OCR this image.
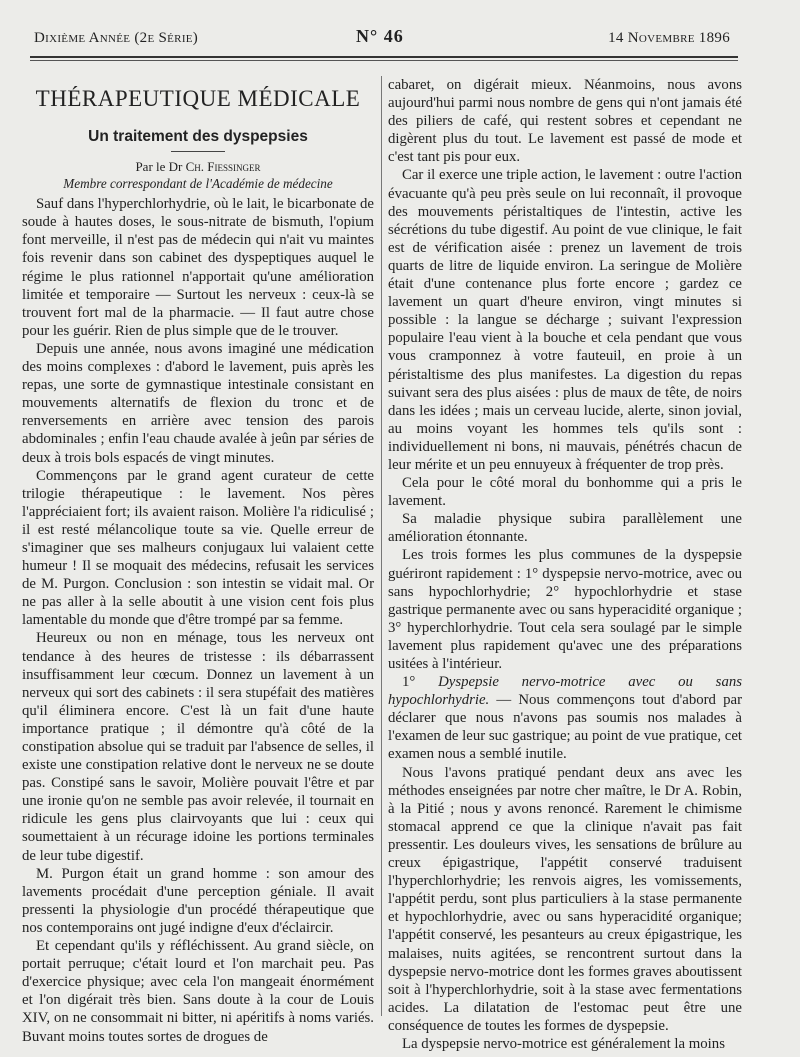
Dixième Année (2e Série)	N° 46	14 Novembre 1896
THÉRAPEUTIQUE MÉDICALE
Un traitement des dyspepsies

Par le Dr Ch. Fiessinger

Membre correspondant de l'Académie de médecine

Sauf dans l'hyperchlorhydrie, où le lait, le bicarbonate de soude à hautes doses, le sous-nitrate de bismuth, l'opium font merveille, il n'est pas de médecin qui n'ait vu maintes fois revenir dans son cabinet des dyspeptiques auquel le régime le plus rationnel n'apportait qu'une amélioration limitée et temporaire — Surtout les nerveux : ceux-là se trouvent fort mal de la pharmacie. — Il faut autre chose pour les guérir. Rien de plus simple que de le trouver.

Depuis une année, nous avons imaginé une médication des moins complexes : d'abord le lavement, puis après les repas, une sorte de gymnastique intestinale consistant en mouvements alternatifs de flexion du tronc et de renversements en arrière avec tension des parois abdominales ; enfin l'eau chaude avalée à jeûn par séries de deux à trois bols espacés de vingt minutes.

Commençons par le grand agent curateur de cette trilogie thérapeutique : le lavement. Nos pères l'appréciaient fort; ils avaient raison. Molière l'a ridiculisé ; il est resté mélancolique toute sa vie. Quelle erreur de s'imaginer que ses malheurs conjugaux lui valaient cette humeur ! Il se moquait des médecins, refusait les services de M. Purgon. Conclusion : son intestin se vidait mal. Or ne pas aller à la selle aboutit à une vision cent fois plus lamentable du monde que d'être trompé par sa femme.

Heureux ou non en ménage, tous les nerveux ont tendance à des heures de tristesse : ils débarrassent insuffisamment leur cœcum. Donnez un lavement à un nerveux qui sort des cabinets : il sera stupéfait des matières qu'il éliminera encore. C'est là un fait d'une haute importance pratique ; il démontre qu'à côté de la constipation absolue qui se traduit par l'absence de selles, il existe une constipation relative dont le nerveux ne se doute pas. Constipé sans le savoir, Molière pouvait l'être et par une ironie qu'on ne semble pas avoir relevée, il tournait en ridicule les gens plus clairvoyants que lui : ceux qui soumettaient à un récurage idoine les portions terminales de leur tube digestif.

M. Purgon était un grand homme : son amour des lavements procédait d'une perception géniale. Il avait pressenti la physiologie d'un procédé thérapeutique que nos contemporains ont jugé indigne d'eux d'éclaircir.

Et cependant qu'ils y réfléchissent. Au grand siècle, on portait perruque; c'était lourd et l'on marchait peu. Pas d'exercice physique; avec cela l'on mangeait énormément et l'on digérait très bien. Sans doute à la cour de Louis XIV, on ne consommait ni bitter, ni apéritifs à noms variés. Buvant moins toutes sortes de drogues de

cabaret, on digérait mieux. Néanmoins, nous avons aujourd'hui parmi nous nombre de gens qui n'ont jamais été des piliers de café, qui restent sobres et cependant ne digèrent plus du tout. Le lavement est passé de mode et c'est tant pis pour eux.

Car il exerce une triple action, le lavement : outre l'action évacuante qu'à peu près seule on lui reconnaît, il provoque des mouvements péristaltiques de l'intestin, active les sécrétions du tube digestif. Au point de vue clinique, le fait est de vérification aisée : prenez un lavement de trois quarts de litre de liquide environ. La seringue de Molière était d'une contenance plus forte encore ; gardez ce lavement un quart d'heure environ, vingt minutes si possible : la langue se décharge ; suivant l'expression populaire l'eau vient à la bouche et cela pendant que vous vous cramponnez à votre fauteuil, en proie à un péristaltisme des plus manifestes. La digestion du repas suivant sera des plus aisées : plus de maux de tête, de noirs dans les idées ; mais un cerveau lucide, alerte, sinon jovial, au moins voyant les hommes tels qu'ils sont : individuellement ni bons, ni mauvais, pénétrés chacun de leur mérite et un peu ennuyeux à fréquenter de trop près.

Cela pour le côté moral du bonhomme qui a pris le lavement.

Sa maladie physique subira parallèlement une amélioration étonnante.

Les trois formes les plus communes de la dyspepsie guériront rapidement : 1° dyspepsie nervo-motrice, avec ou sans hypochlorhydrie; 2° hypochlorhydrie et stase gastrique permanente avec ou sans hyperacidité organique ; 3° hyperchlorhydrie. Tout cela sera soulagé par le simple lavement plus rapidement qu'avec une des préparations usitées à l'intérieur.

1° Dyspepsie nervo-motrice avec ou sans hypochlorhydrie. — Nous commençons tout d'abord par déclarer que nous n'avons pas soumis nos malades à l'examen de leur suc gastrique; au point de vue pratique, cet examen nous a semblé inutile.

Nous l'avons pratiqué pendant deux ans avec les méthodes enseignées par notre cher maître, le Dr A. Robin, à la Pitié ; nous y avons renoncé. Rarement le chimisme stomacal apprend ce que la clinique n'avait pas fait pressentir. Les douleurs vives, les sensations de brûlure au creux épigastrique, l'appétit conservé traduisent l'hyperchlorhydrie; les renvois aigres, les vomissements, l'appétit perdu, sont plus particuliers à la stase permanente et hypochlorhydrie, avec ou sans hyperacidité organique; l'appétit conservé, les pesanteurs au creux épigastrique, les malaises, nuits agitées, se rencontrent surtout dans la dyspepsie nervo-motrice dont les formes graves aboutissent soit à l'hyperchlorhydrie, soit à la stase avec fermentations acides. La dilatation de l'estomac peut être une conséquence de toutes les formes de dyspepsie.

La dyspepsie nervo-motrice est généralement la moins
